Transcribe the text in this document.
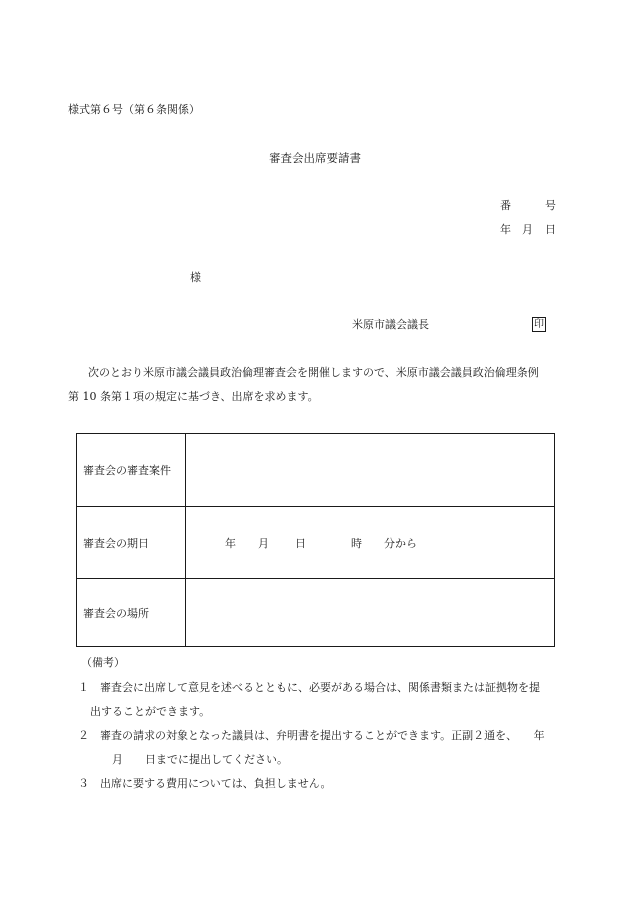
様式第６号（第６条関係）
審査会出席要請書
番	号
年 月 日
様
米原市議会議長	印
次のとおり米原市議会議員政治倫理審査会を開催しますので、米原市議会議員政治倫理条例
第 10 条第１項の規定に基づき、出席を求めます。
審査会の審査案件
審査会の期日	年 月 日	時 分から
審査会の場所
（備考）
１　審査会に出席して意見を述べるとともに、必要がある場合は、関係書類または証拠物を提
出することができます。
２　審査の請求の対象となった議員は、弁明書を提出することができます。正副２通を、　　年
月　　日までに提出してください。
３　出席に要する費用については、負担しません。
